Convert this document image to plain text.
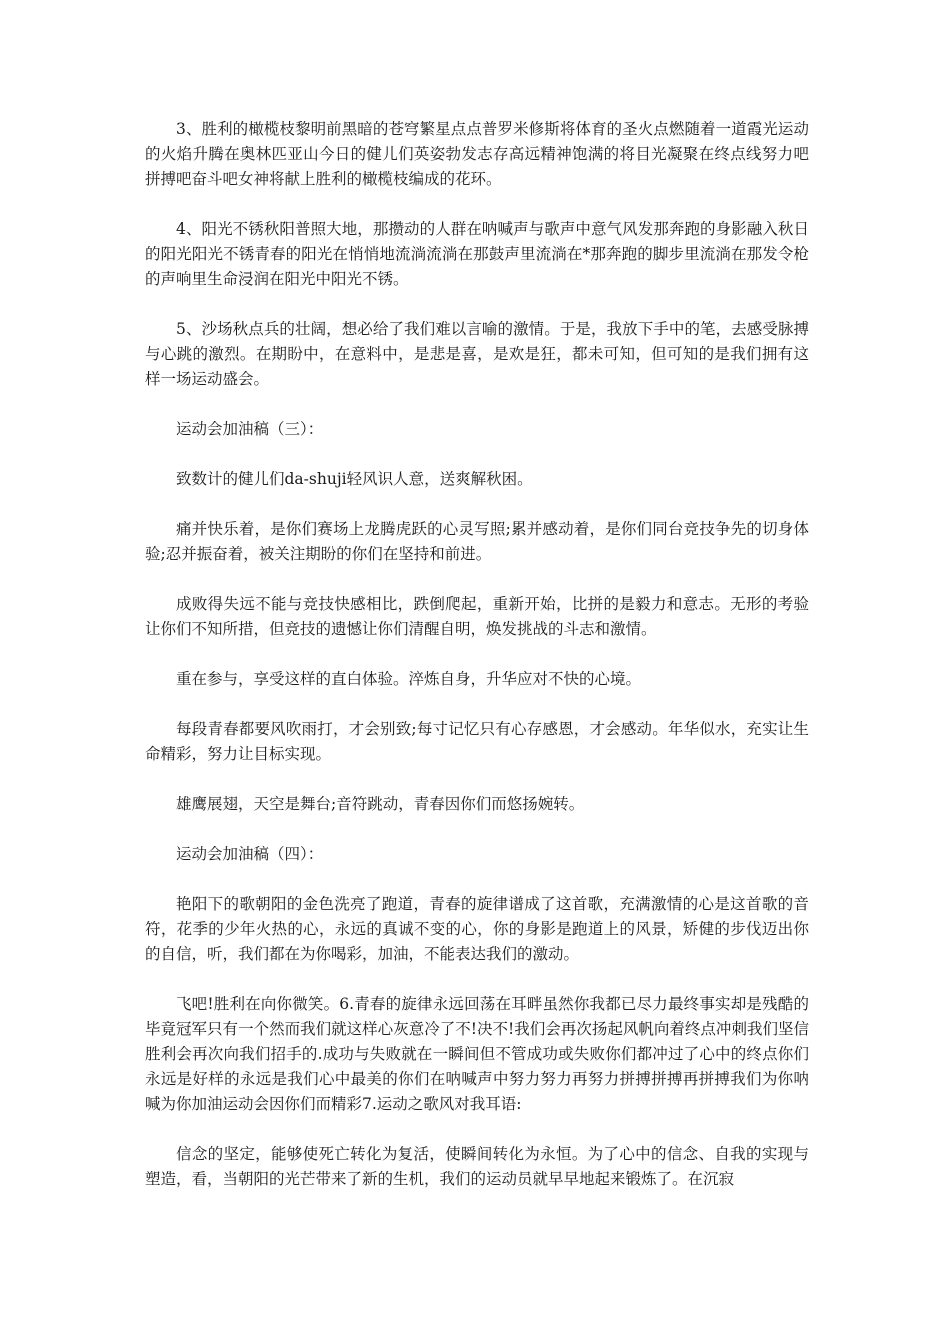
3、胜利的橄榄枝黎明前黑暗的苍穹繁星点点普罗米修斯将体育的圣火点燃随着一道霞光运动的火焰升腾在奥林匹亚山今日的健儿们英姿勃发志存高远精神饱满的将目光凝聚在终点线努力吧拼搏吧奋斗吧女神将献上胜利的橄榄枝编成的花环。

4、阳光不锈秋阳普照大地，那攒动的人群在呐喊声与歌声中意气风发那奔跑的身影融入秋日的阳光阳光不锈青春的阳光在悄悄地流淌流淌在那鼓声里流淌在*那奔跑的脚步里流淌在那发令枪的声响里生命浸润在阳光中阳光不锈。

5、沙场秋点兵的壮阔，想必给了我们难以言喻的激情。于是，我放下手中的笔，去感受脉搏与心跳的激烈。在期盼中，在意料中，是悲是喜，是欢是狂，都未可知，但可知的是我们拥有这样一场运动盛会。

运动会加油稿（三）：

致数计的健儿们da-shuji轻风识人意，送爽解秋困。

痛并快乐着，是你们赛场上龙腾虎跃的心灵写照;累并感动着，是你们同台竞技争先的切身体验;忍并振奋着，被关注期盼的你们在坚持和前进。

成败得失远不能与竞技快感相比，跌倒爬起，重新开始，比拼的是毅力和意志。无形的考验让你们不知所措，但竞技的遗憾让你们清醒自明，焕发挑战的斗志和激情。

重在参与，享受这样的直白体验。淬炼自身，升华应对不快的心境。

每段青春都要风吹雨打，才会别致;每寸记忆只有心存感恩，才会感动。年华似水，充实让生命精彩，努力让目标实现。

雄鹰展翅，天空是舞台;音符跳动，青春因你们而悠扬婉转。

运动会加油稿（四）：

艳阳下的歌朝阳的金色洗亮了跑道，青春的旋律谱成了这首歌，充满激情的心是这首歌的音符，花季的少年火热的心，永远的真诚不变的心，你的身影是跑道上的风景，矫健的步伐迈出你的自信，听，我们都在为你喝彩，加油，不能表达我们的激动。

飞吧!胜利在向你微笑。6.青春的旋律永远回荡在耳畔虽然你我都已尽力最终事实却是残酷的毕竟冠军只有一个然而我们就这样心灰意冷了不!决不!我们会再次扬起风帆向着终点冲刺我们坚信胜利会再次向我们招手的.成功与失败就在一瞬间但不管成功或失败你们都冲过了心中的终点你们永远是好样的永远是我们心中最美的你们在呐喊声中努力努力再努力拼搏拼搏再拼搏我们为你呐喊为你加油运动会因你们而精彩7.运动之歌风对我耳语:

信念的坚定，能够使死亡转化为复活，使瞬间转化为永恒。为了心中的信念、自我的实现与塑造，看，当朝阳的光芒带来了新的生机，我们的运动员就早早地起来锻炼了。在沉寂
